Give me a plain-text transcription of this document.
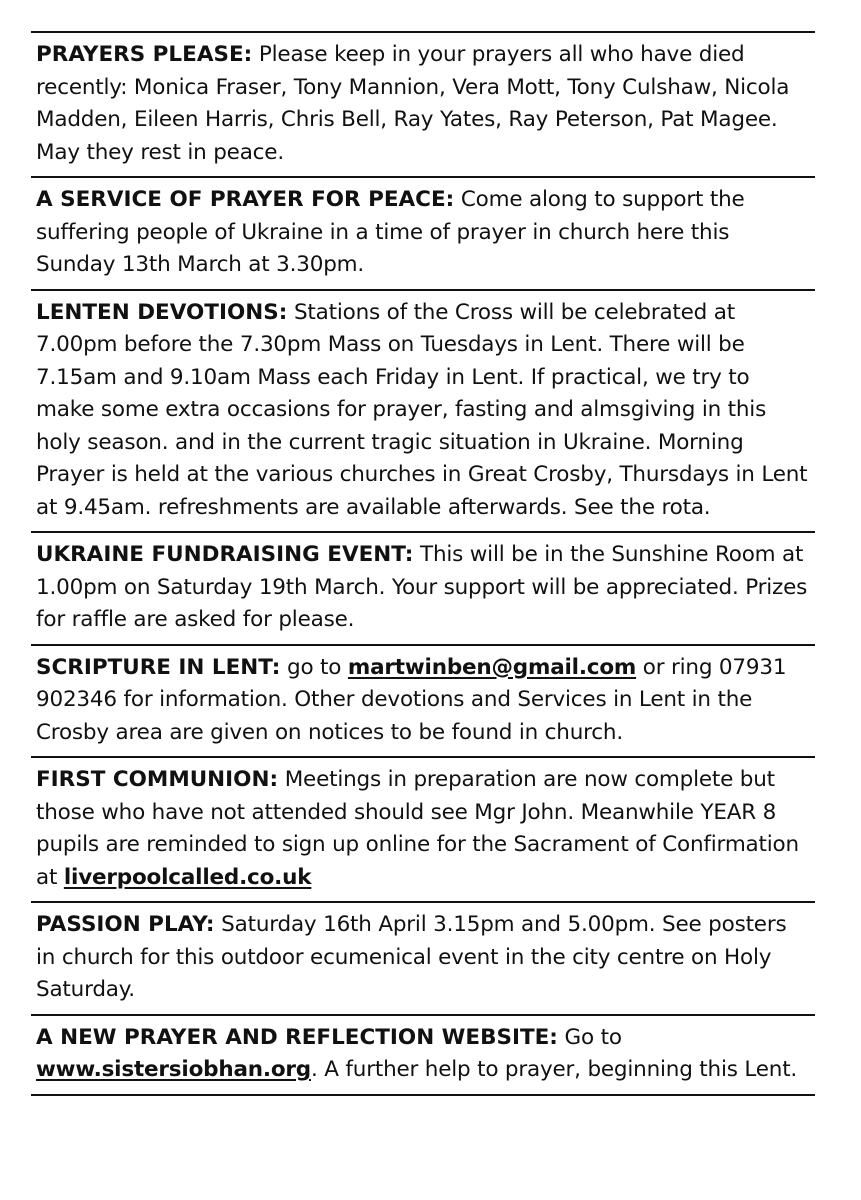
PRAYERS PLEASE: Please keep in your prayers all who have died recently: Monica Fraser, Tony Mannion, Vera Mott, Tony Culshaw, Nicola Madden, Eileen Harris, Chris Bell, Ray Yates, Ray Peterson, Pat Magee. May they rest in peace.
A SERVICE OF PRAYER FOR PEACE: Come along to support the suffering people of Ukraine in a time of prayer in church here this Sunday 13th March at 3.30pm.
LENTEN DEVOTIONS: Stations of the Cross will be celebrated at 7.00pm before the 7.30pm Mass on Tuesdays in Lent. There will be 7.15am and 9.10am Mass each Friday in Lent. If practical, we try to make some extra occasions for prayer, fasting and almsgiving in this holy season. and in the current tragic situation in Ukraine. Morning Prayer is held at the various churches in Great Crosby, Thursdays in Lent at 9.45am. refreshments are available afterwards. See the rota.
UKRAINE FUNDRAISING EVENT: This will be in the Sunshine Room at 1.00pm on Saturday 19th March. Your support will be appreciated. Prizes for raffle are asked for please.
SCRIPTURE IN LENT: go to martwinben@gmail.com or ring 07931 902346 for information. Other devotions and Services in Lent in the Crosby area are given on notices to be found in church.
FIRST COMMUNION: Meetings in preparation are now complete but those who have not attended should see Mgr John. Meanwhile YEAR 8 pupils are reminded to sign up online for the Sacrament of Confirmation at liverpoolcalled.co.uk
PASSION PLAY: Saturday 16th April 3.15pm and 5.00pm. See posters in church for this outdoor ecumenical event in the city centre on Holy Saturday.
A NEW PRAYER AND REFLECTION WEBSITE: Go to www.sistersiobhan.org. A further help to prayer, beginning this Lent.
